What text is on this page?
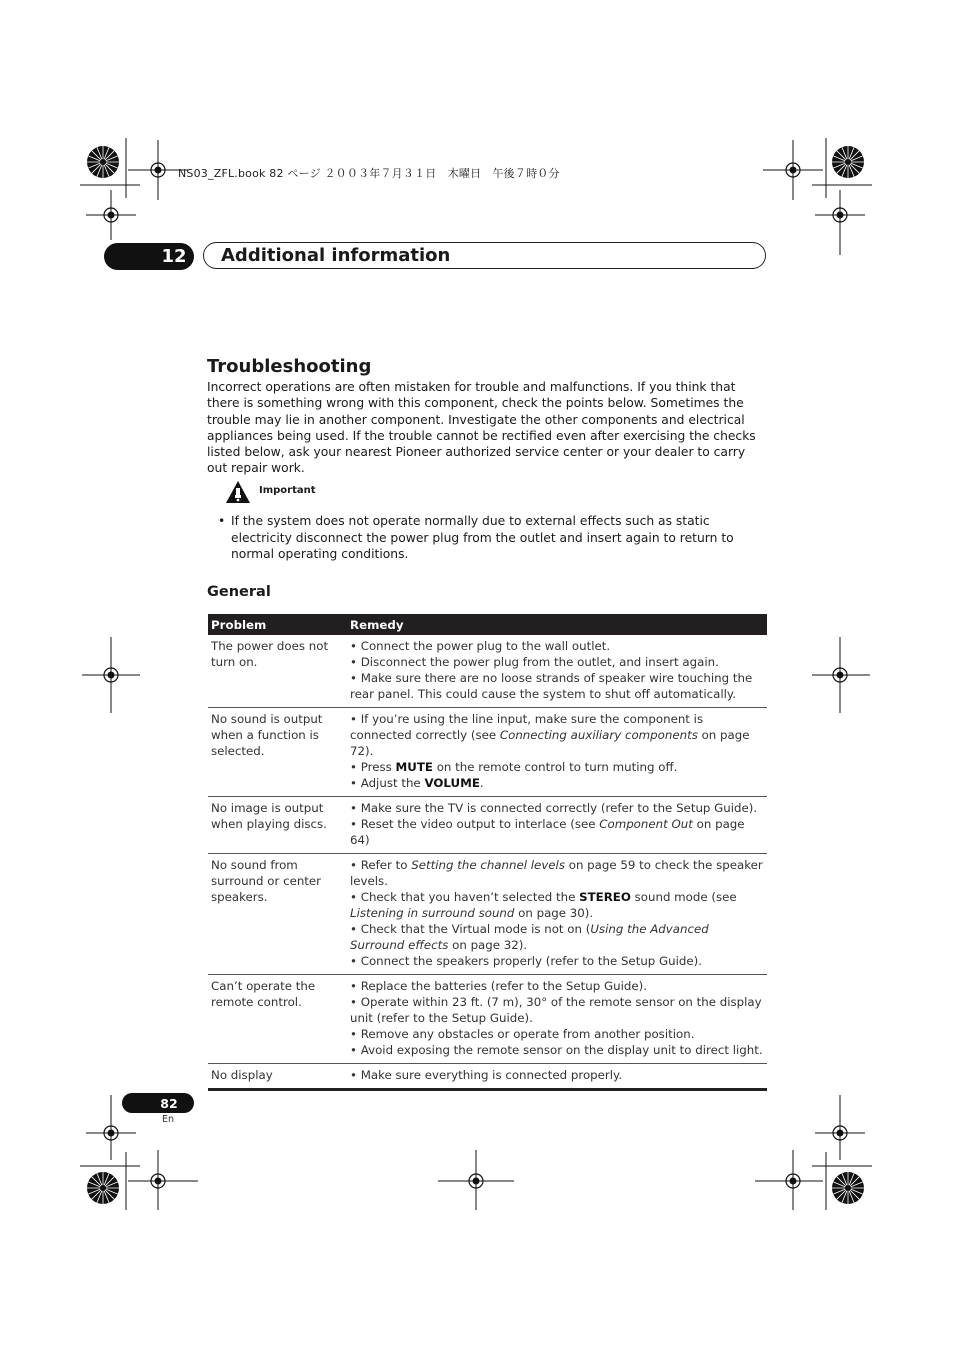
NS03_ZFL.book 82 ページ ２００３年７月３１日　木曜日　午後７時０分
12	Additional information
Troubleshooting

Incorrect operations are often mistaken for trouble and malfunctions. If you think that there is something wrong with this component, check the points below. Sometimes the trouble may lie in another component. Investigate the other components and electrical appliances being used. If the trouble cannot be rectified even after exercising the checks listed below, ask your nearest Pioneer authorized service center or your dealer to carry out repair work.

Important
• If the system does not operate normally due to external effects such as static electricity disconnect the power plug from the outlet and insert again to return to normal operating conditions.
General
Problem	Remedy
The power does not turn on.	• Connect the power plug to the wall outlet.
• Disconnect the power plug from the outlet, and insert again.
• Make sure there are no loose strands of speaker wire touching the rear panel. This could cause the system to shut off automatically.

No sound is output when a function is selected.	• If you’re using the line input, make sure the component is connected correctly (see Connecting auxiliary components on page 72).
• Press MUTE on the remote control to turn muting off.
• Adjust the VOLUME.

No image is output when playing discs.	• Make sure the TV is connected correctly (refer to the Setup Guide).
• Reset the video output to interlace (see Component Out on page 64)

No sound from surround or center speakers.	• Refer to Setting the channel levels on page 59 to check the speaker levels.
• Check that you haven’t selected the STEREO sound mode (see Listening in surround sound on page 30).
• Check that the Virtual mode is not on (Using the Advanced Surround effects on page 32).
• Connect the speakers properly (refer to the Setup Guide).

Can’t operate the remote control.	• Replace the batteries (refer to the Setup Guide).
• Operate within 23 ft. (7 m), 30° of the remote sensor on the display unit (refer to the Setup Guide).
• Remove any obstacles or operate from another position.
• Avoid exposing the remote sensor on the display unit to direct light.

No display	• Make sure everything is connected properly.
82
En
